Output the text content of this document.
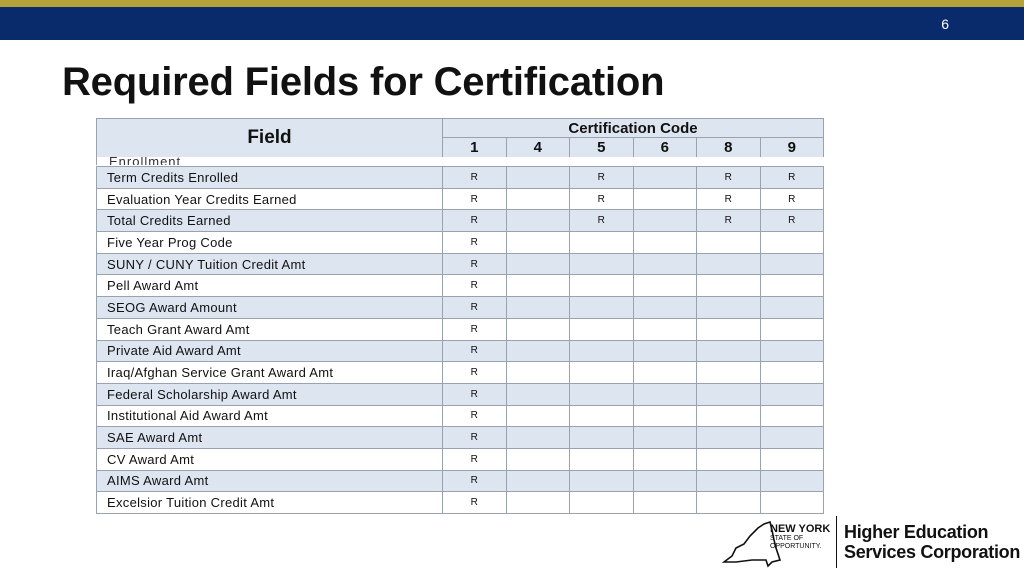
6
Required Fields for Certification
Field	Certification Code					
	1	4	5	6	8	9
Enrollment
Term Credits Enrolled	R		R		R	R
Evaluation Year Credits Earned	R		R		R	R
Total Credits Earned	R		R		R	R
Five Year Prog Code	R					
SUNY / CUNY Tuition Credit Amt	R					
Pell Award Amt	R					
SEOG Award Amount	R					
Teach Grant Award Amt	R					
Private Aid Award Amt	R					
Iraq/Afghan Service Grant Award Amt	R					
Federal Scholarship Award Amt	R					
Institutional Aid Award Amt	R					
SAE Award Amt	R					
CV Award Amt	R					
AIMS Award Amt	R					
Excelsior Tuition Credit Amt	R					
NEW YORK
STATE OF
OPPORTUNITY.
Higher Education
Services Corporation
